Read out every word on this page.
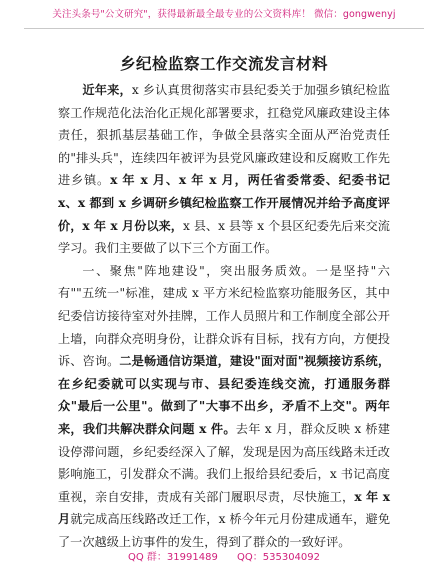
关注头条号"公文研究"，获得最新最全最专业的公文资料库！ 微信：gongwenyj
乡纪检监察工作交流发言材料

近年来，x 乡认真贯彻落实市县纪委关于加强乡镇纪检监察工作规范化法治化正规化部署要求，扛稳党风廉政建设主体责任，狠抓基层基础工作，争做全县落实全面从严治党责任的"排头兵"，连续四年被评为县党风廉政建设和反腐败工作先进乡镇。x 年 x 月、x 年 x 月，两任省委常委、纪委书记 x、x 都到 x 乡调研乡镇纪检监察工作开展情况并给予高度评价，x 年 x 月份以来，x 县、x 县等 x 个县区纪委先后来交流学习。我们主要做了以下三个方面工作。

一、聚焦"阵地建设"，突出服务质效。一是坚持"六有""五统一"标准，建成 x 平方米纪检监察功能服务区，其中纪委信访接待室对外挂牌，工作人员照片和工作制度全部公开上墙，向群众亮明身份，让群众诉有目标，找有方向，方便投诉、咨询。二是畅通信访渠道，建设"面对面"视频接访系统，在乡纪委就可以实现与市、县纪委连线交流，打通服务群众"最后一公里"。做到了"大事不出乡，矛盾不上交"。两年来，我们共解决群众问题 x 件。去年 x 月，群众反映 x 桥建设停滞问题，乡纪委经深入了解，发现是因为高压线路未迁改影响施工，引发群众不满。我们上报给县纪委后，x 书记高度重视，亲自安排，责成有关部门履职尽责，尽快施工，x 年 x 月就完成高压线路改迁工作，x 桥今年元月份建成通车，避免了一次越级上访事件的发生，得到了群众的一致好评。

QQ 群：31991489 QQ：535304092
